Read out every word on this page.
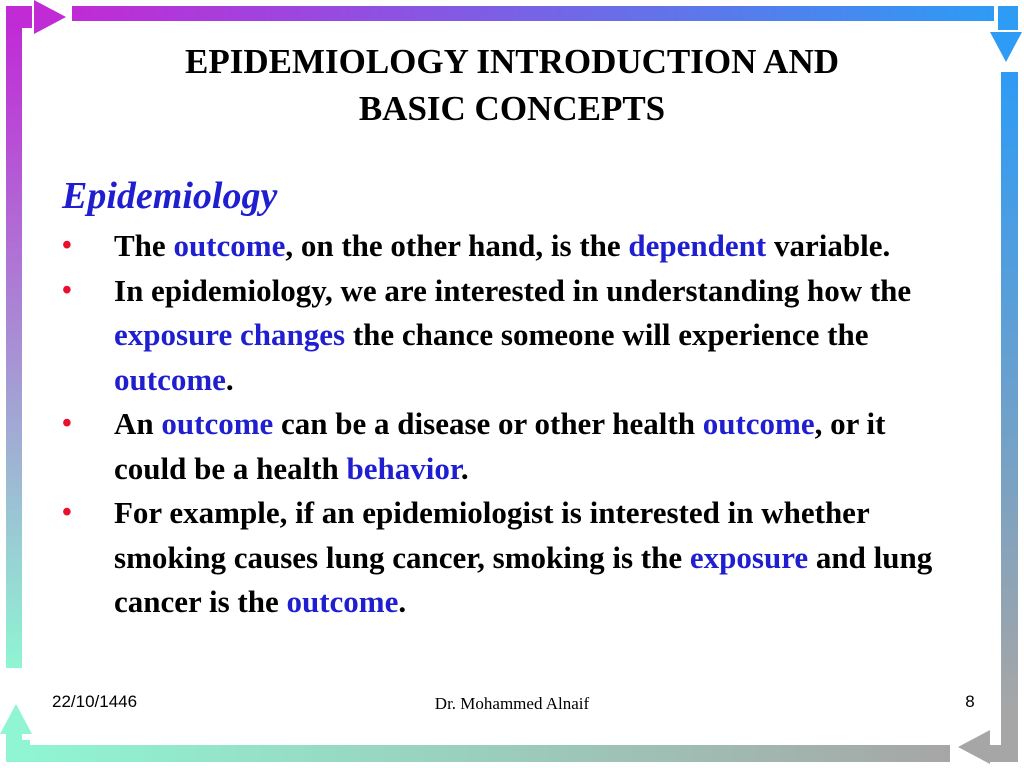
EPIDEMIOLOGY INTRODUCTION AND
BASIC CONCEPTS
Epidemiology
•	The outcome, on the other hand, is the dependent variable.
•	In epidemiology, we are interested in understanding how the exposure changes the chance someone will experience the outcome.
•	An outcome can be a disease or other health outcome, or it could be a health behavior.
•	For example, if an epidemiologist is interested in whether smoking causes lung cancer, smoking is the exposure and lung cancer is the outcome.
22/10/1446	Dr. Mohammed Alnaif	8
